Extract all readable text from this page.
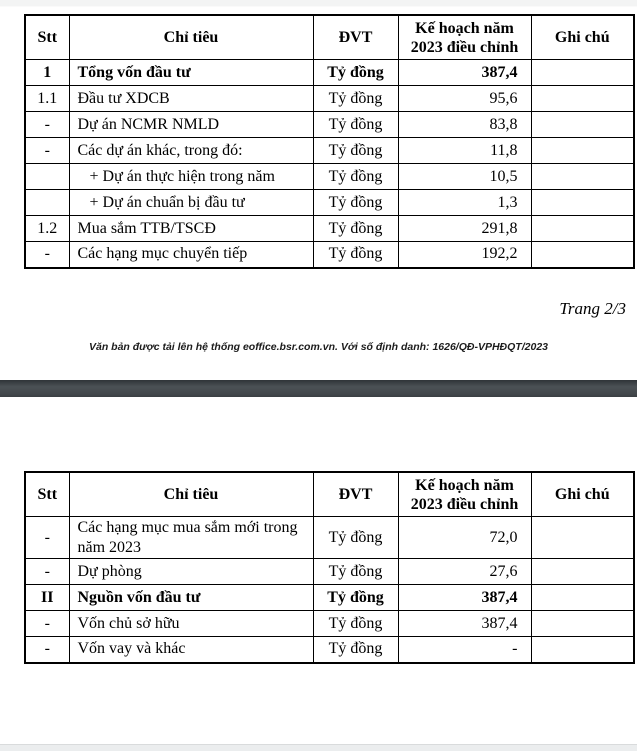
Stt	Chỉ tiêu	ĐVT	Kế hoạch năm 2023 điều chỉnh	Ghi chú
1	Tổng vốn đầu tư	Tỷ đồng	387,4	
1.1	Đầu tư XDCB	Tỷ đồng	95,6	
-	Dự án NCMR NMLD	Tỷ đồng	83,8	
-	Các dự án khác, trong đó:	Tỷ đồng	11,8	
	+ Dự án thực hiện trong năm	Tỷ đồng	10,5	
	+ Dự án chuẩn bị đầu tư	Tỷ đồng	1,3	
1.2	Mua sắm TTB/TSCĐ	Tỷ đồng	291,8	
-	Các hạng mục chuyển tiếp	Tỷ đồng	192,2	
Trang 2/3
Văn bản được tải lên hệ thống eoffice.bsr.com.vn. Với số định danh: 1626/QĐ-VPHĐQT/2023
Stt	Chỉ tiêu	ĐVT	Kế hoạch năm 2023 điều chỉnh	Ghi chú
-	Các hạng mục mua sắm mới trong năm 2023	Tỷ đồng	72,0	
-	Dự phòng	Tỷ đồng	27,6	
II	Nguồn vốn đầu tư	Tỷ đồng	387,4	
-	Vốn chủ sở hữu	Tỷ đồng	387,4	
-	Vốn vay và khác	Tỷ đồng	-	
